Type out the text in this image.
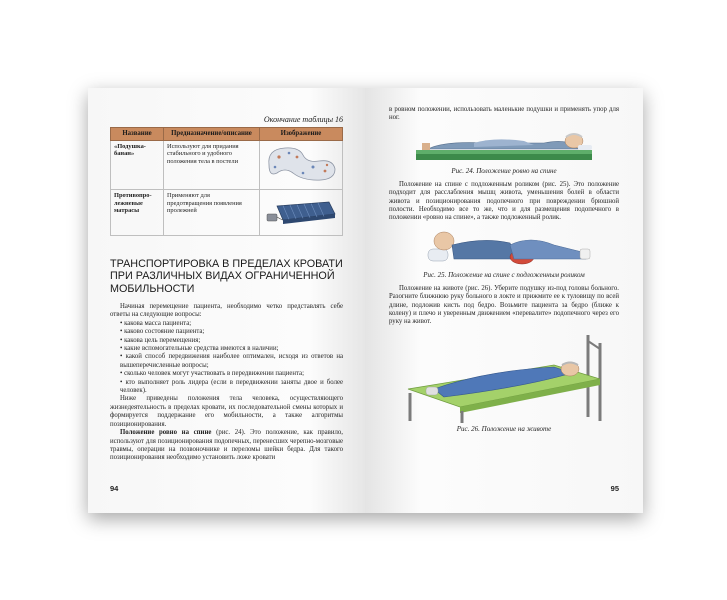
Окончание таблицы 16
Название	Предназначение/описание	Изображение
«Подушка-банан»	Используют для придания стабильного и удобного положения тела в постели	
Противопро-лежневые матрасы	Применяют для предотвращения появления пролежней	
ТРАНСПОРТИРОВКА В ПРЕДЕЛАХ КРОВАТИ ПРИ РАЗЛИЧНЫХ ВИДАХ ОГРАНИЧЕННОЙ МОБИЛЬНОСТИ

Начиная перемещение пациента, необходимо четко представлять себе ответы на следующие вопросы:

• какова масса пациента;

• каково состояние пациента;

• какова цель перемещения;

• какие вспомогательные средства имеются в наличии;

• какой способ передвижения наиболее оптимален, исходя из ответов на вышеперечисленные вопросы;

• сколько человек могут участвовать в передвижении пациента;

• кто выполняет роль лидера (если в передвижении заняты двое и более человек).

Ниже приведены положения тела человека, осуществляющего жизнедеятельность в пределах кровати, их последовательной смены которых и формируется поддержание его мобильности, а также алгоритмы позиционирования.

Положение ровно на спине (рис. 24). Это положение, как правило, используют для позиционирования подопечных, перенесших черепно-мозговые травмы, операции на позвоночнике и переломы шейки бедра. Для такого позиционирования необходимо установить ложе кровати

94

в ровном положении, использовать маленькие подушки и применять упор для ног.

Рис. 24. Положение ровно на спине

Положение на спине с подложенным роликом (рис. 25). Это положение подходит для расслабления мышц живота, уменьшения болей в области живота и позиционирования подопечного при повреждении брюшной полости. Необходимо все то же, что и для размещения подопечного в положении «ровно на спине», а также подложенный ролик.

Рис. 25. Положение на спине с подложенным роликом

Положение на животе (рис. 26). Уберите подушку из-под головы больного. Разогните ближнюю руку больного в локте и прижмите ее к туловищу по всей длине, подложив кисть под бедро. Возьмите пациента за бедро (ближе к колену) и плечо и уверенным движением «перевалите» подопечного через его руку на живот.

Рис. 26. Положение на животе
95
